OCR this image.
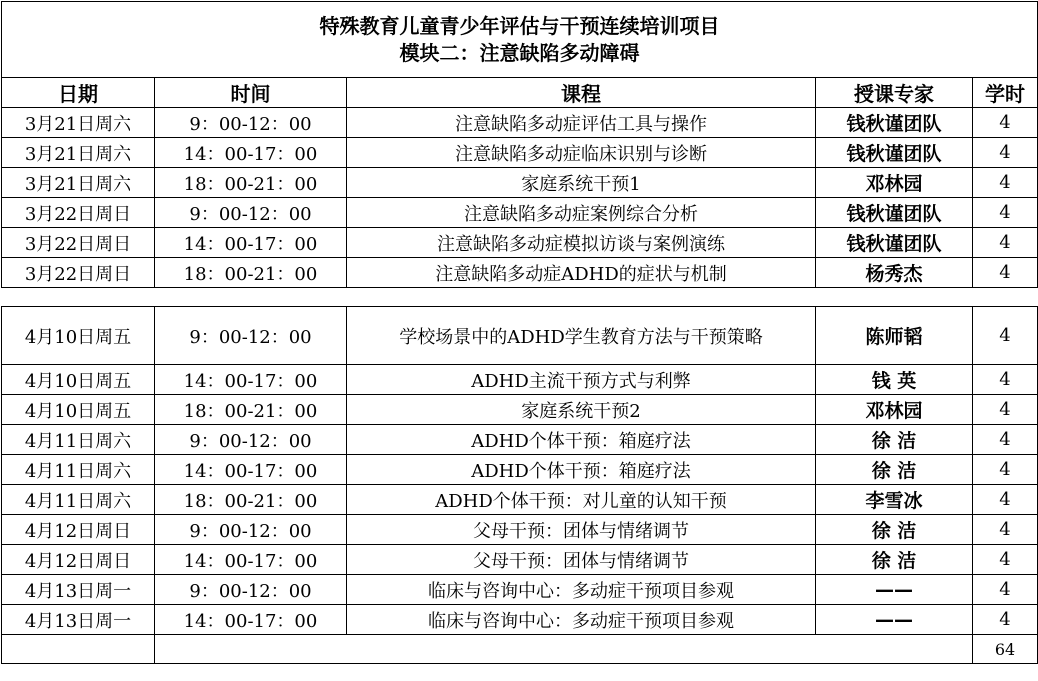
特殊教育儿童青少年评估与干预连续培训项目
模块二：注意缺陷多动障碍				

日期	时间	课程	授课专家	学时
3月21日周六	9：00-12：00	注意缺陷多动症评估工具与操作	钱秋谨团队	4
3月21日周六	14：00-17：00	注意缺陷多动症临床识别与诊断	钱秋谨团队	4
3月21日周六	18：00-21：00	家庭系统干预1	邓林园	4
3月22日周日	9：00-12：00	注意缺陷多动症案例综合分析	钱秋谨团队	4
3月22日周日	14：00-17：00	注意缺陷多动症模拟访谈与案例演练	钱秋谨团队	4
3月22日周日	18：00-21：00	注意缺陷多动症ADHD的症状与机制	杨秀杰	4

4月10日周五	9：00-12：00	学校场景中的ADHD学生教育方法与干预策略	陈师韬	4
4月10日周五	14：00-17：00	ADHD主流干预方式与利弊	钱 英	4
4月10日周五	18：00-21：00	家庭系统干预2	邓林园	4
4月11日周六	9：00-12：00	ADHD个体干预：箱庭疗法	徐 洁	4
4月11日周六	14：00-17：00	ADHD个体干预：箱庭疗法	徐 洁	4
4月11日周六	18：00-21：00	ADHD个体干预：对儿童的认知干预	李雪冰	4
4月12日周日	9：00-12：00	父母干预：团体与情绪调节	徐 洁	4
4月12日周日	14：00-17：00	父母干预：团体与情绪调节	徐 洁	4
4月13日周一	9：00-12：00	临床与咨询中心：多动症干预项目参观	——	4
4月13日周一	14：00-17：00	临床与咨询中心：多动症干预项目参观	——	4
				64
